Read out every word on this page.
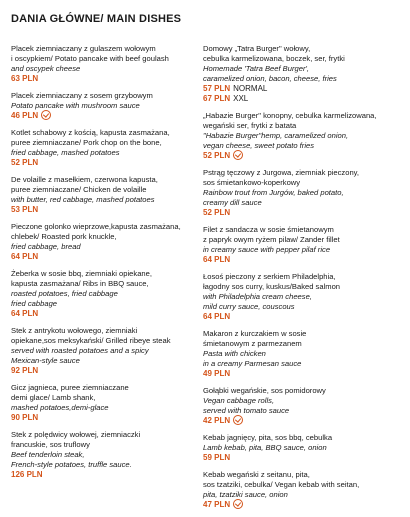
DANIA GŁÓWNE/ MAIN DISHES
Placek ziemniaczany z gulaszem wołowym
i oscypkiem/ Potato pancake with beef goulash
and oscypek cheese
63 PLN
Placek ziemniaczany z sosem grzybowym
Potato pancake with mushroom sauce
46 PLN
Kotlet schabowy z kością, kapusta zasmażana,
puree ziemniaczane/ Pork chop on the bone,
fried cabbage, mashed potatoes
52 PLN
De volaille z masełkiem, czerwona kapusta,
puree ziemniaczane/ Chicken de volaille
with butter, red cabbage, mashed potatoes
53 PLN
Pieczone golonko wieprzowe,kapusta zasmażana,
chlebek/ Roasted pork knuckle,
fried cabbage, bread
64 PLN
Żeberka w sosie bbq, ziemniaki opiekane,
kapusta zasmażana/ Ribs in BBQ sauce,
roasted potatoes, fried cabbage
fried cabbage
64 PLN
Stek z antrykotu wołowego, ziemniaki
opiekane,sos meksykański/ Grilled ribeye steak
served with roasted potatoes and a spicy
Mexican-style sauce
92 PLN
Gicz jagnieca, puree ziemniaczane
demi glace/ Lamb shank,
mashed potatoes,demi-glace
90 PLN
Stek z polędwicy wołowej, ziemniaczki
francuskie, sos truflowy
Beef tenderloin steak,
French-style potatoes, truffle sauce.
126 PLN
Domowy „Tatra Burger" wołowy,
cebulka karmelizowana, boczek, ser, frytki
Homemade 'Tatra Beef Burger',
caramelized onion, bacon, cheese, fries
57 PLN NORMAL
67 PLN XXL
„Habazie Burger" konopny, cebulka karmelizowana,
wegański ser, frytki z batata
"Habazie Burger"hemp, caramelized onion,
vegan cheese, sweet potato fries
52 PLN
Pstrąg tęczowy z Jurgowa, ziemniak pieczony,
sos śmietankowo-koperkowy
Rainbow trout from Jurgów, baked potato,
creamy dill sauce
52 PLN
Filet z sandacza w sosie śmietanowym
z papryk owym ryżem pilaw/ Zander fillet
in creamy sauce with pepper pilaf rice
64 PLN
Łosoś pieczony z serkiem Philadelphia,
łagodny sos curry, kuskus/Baked salmon
with Philadelphia cream cheese,
mild curry sauce, couscous
64 PLN
Makaron z kurczakiem w sosie
śmietanowym z parmezanem
Pasta with chicken
in a creamy Parmesan sauce
49 PLN
Gołąbki wegańskie, sos pomidorowy
Vegan cabbage rolls,
served with tomato sauce
42 PLN
Kebab jagnięcy, pita, sos bbq, cebulka
Lamb kebab, pita, BBQ sauce, onion
59 PLN
Kebab wegański z seitanu, pita,
sos tzatziki, cebulka/ Vegan kebab with seitan,
pita, tzatziki sauce, onion
47 PLN
